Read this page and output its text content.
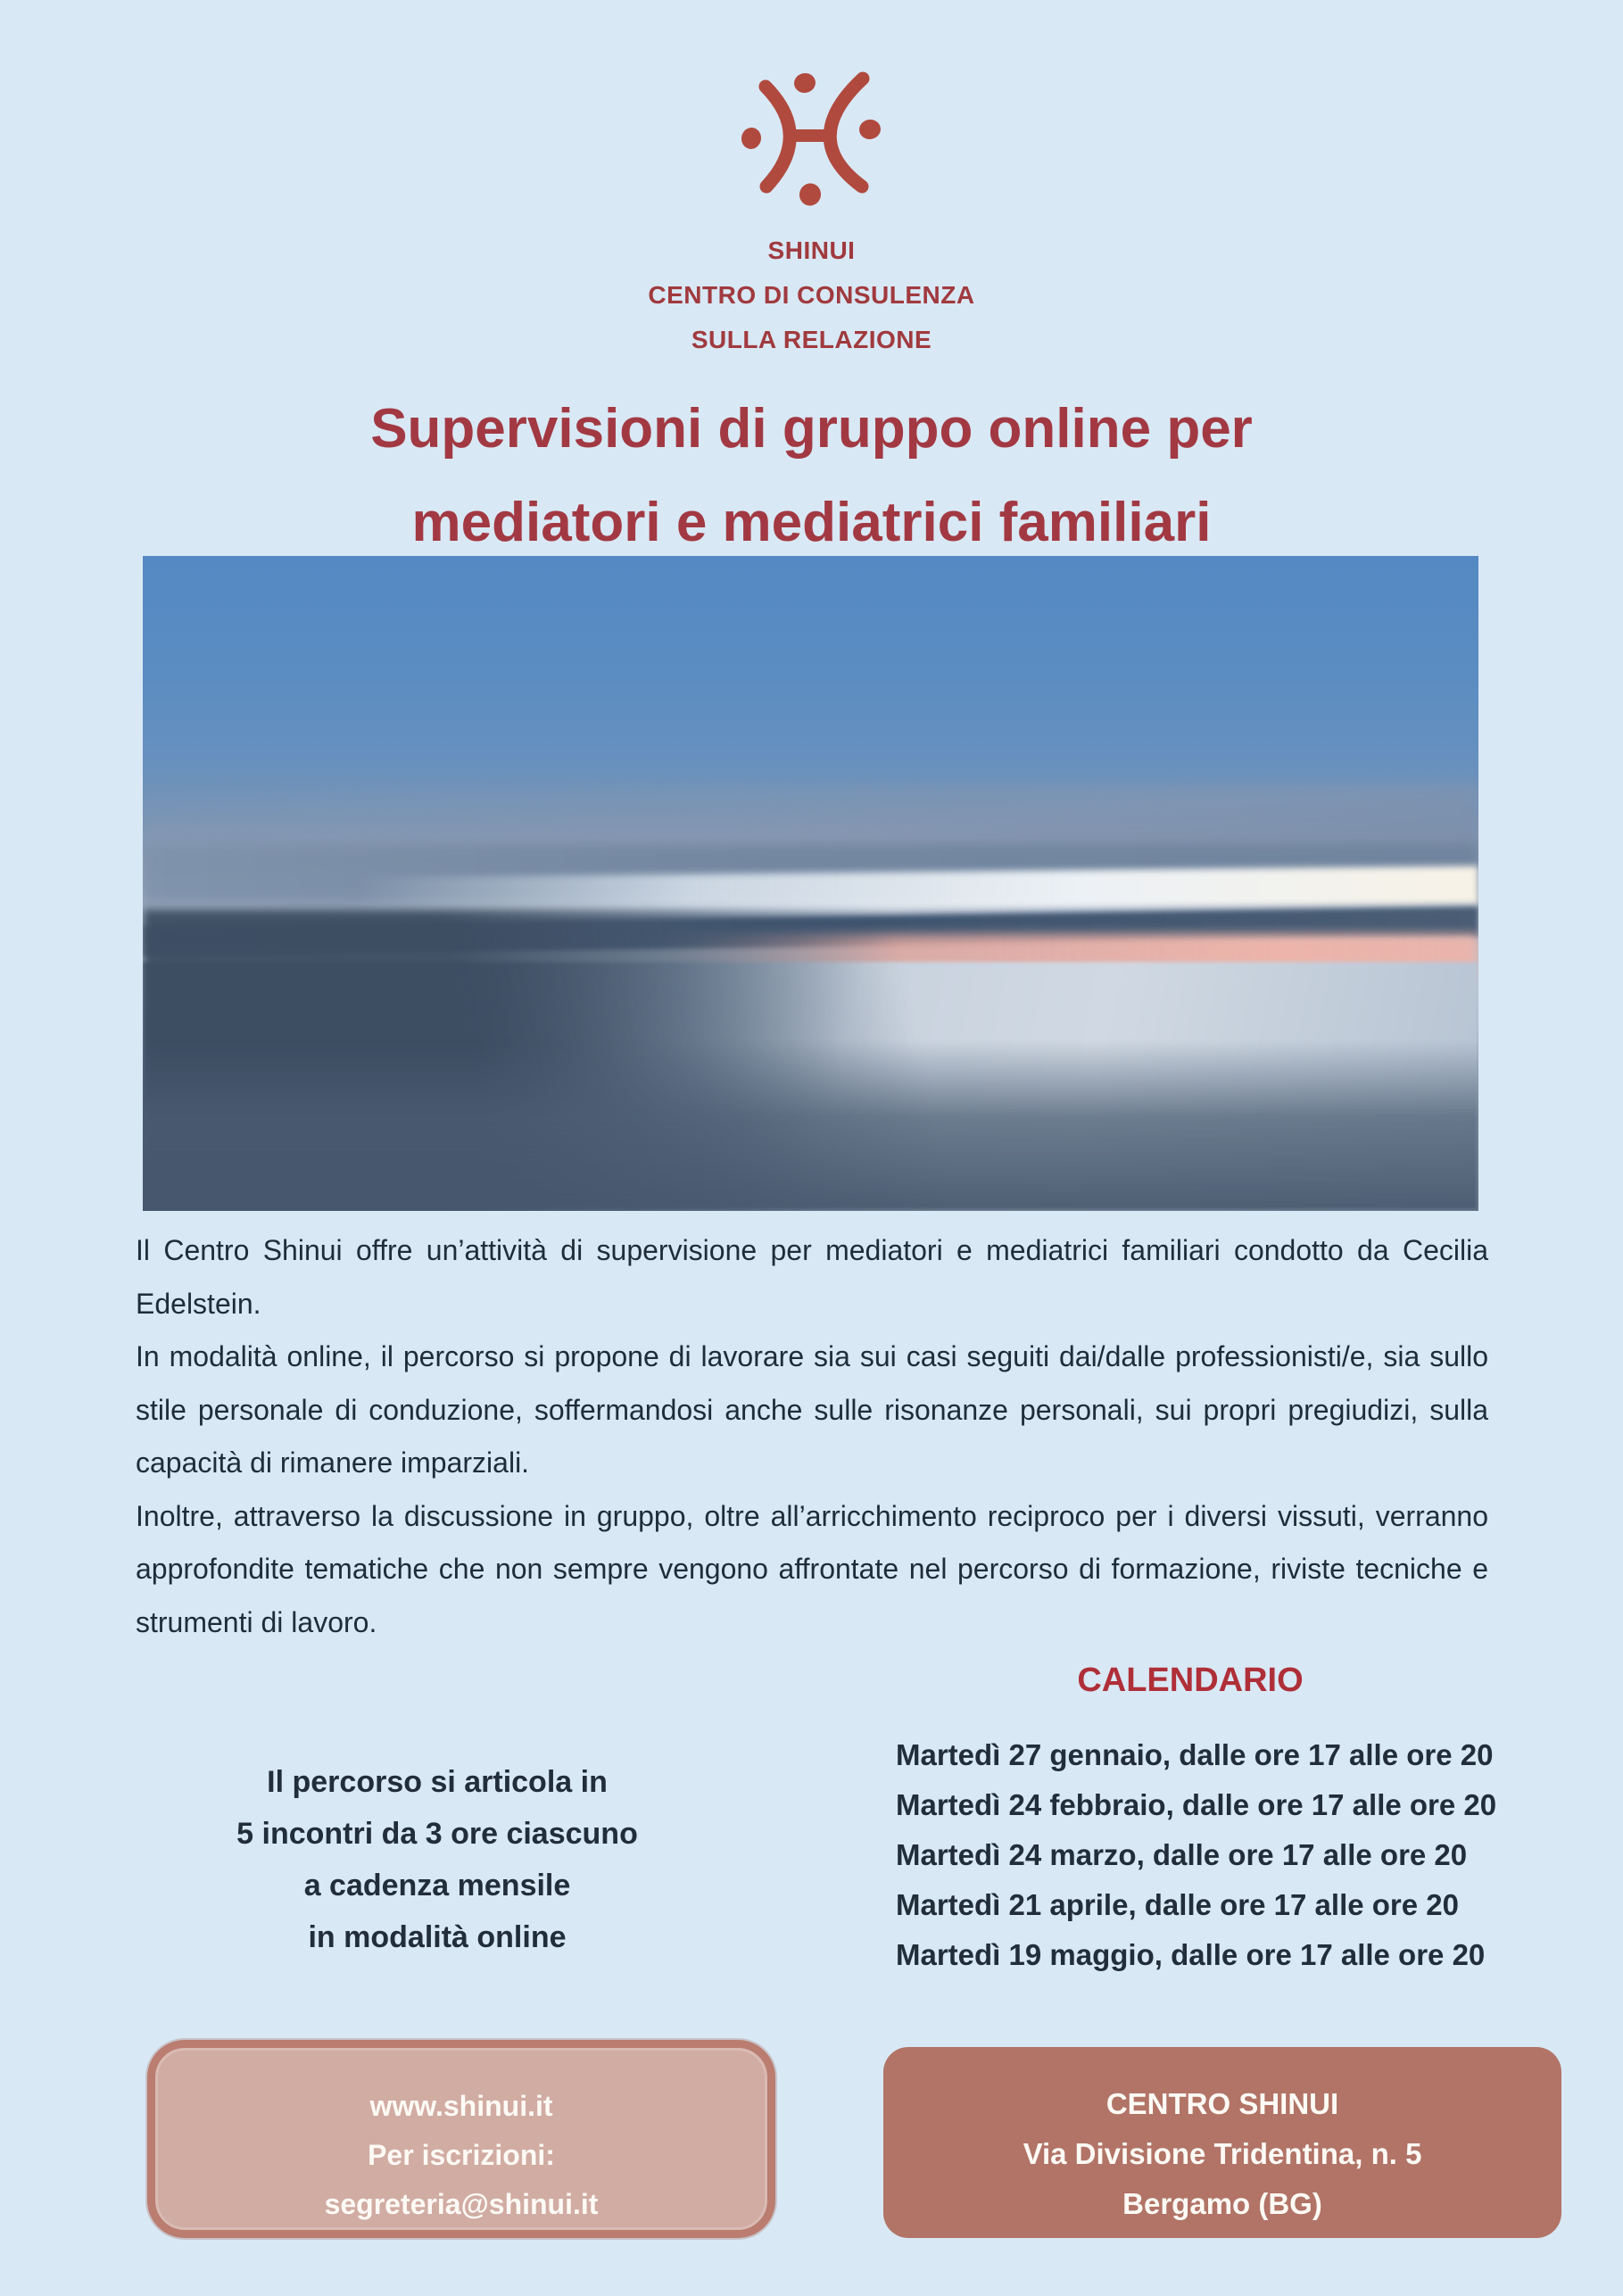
SHINUI
CENTRO DI CONSULENZA
SULLA RELAZIONE
Supervisioni di gruppo online per
mediatori e mediatrici familiari

Il Centro Shinui offre un’attività di supervisione per mediatori e mediatrici familiari condotto da Cecilia Edelstein.

In modalità online, il percorso si propone di lavorare sia sui casi seguiti dai/dalle professionisti/e, sia sullo stile personale di conduzione, soffermandosi anche sulle risonanze personali, sui propri pregiudizi, sulla capacità di rimanere imparziali.

Inoltre, attraverso la discussione in gruppo, oltre all’arricchimento reciproco per i diversi vissuti, verranno approfondite tematiche che non sempre vengono affrontate nel percorso di formazione, riviste tecniche e strumenti di lavoro.

CALENDARIO
Martedì 27 gennaio, dalle ore 17 alle ore 20
Martedì 24 febbraio, dalle ore 17 alle ore 20
Martedì 24 marzo, dalle ore 17 alle ore 20
Martedì 21 aprile, dalle ore 17 alle ore 20
Martedì 19 maggio, dalle ore 17 alle ore 20
Il percorso si articola in
5 incontri da 3 ore ciascuno
a cadenza mensile
in modalità online
www.shinui.it
Per iscrizioni:
segreteria@shinui.it
CENTRO SHINUI
Via Divisione Tridentina, n. 5
Bergamo (BG)
